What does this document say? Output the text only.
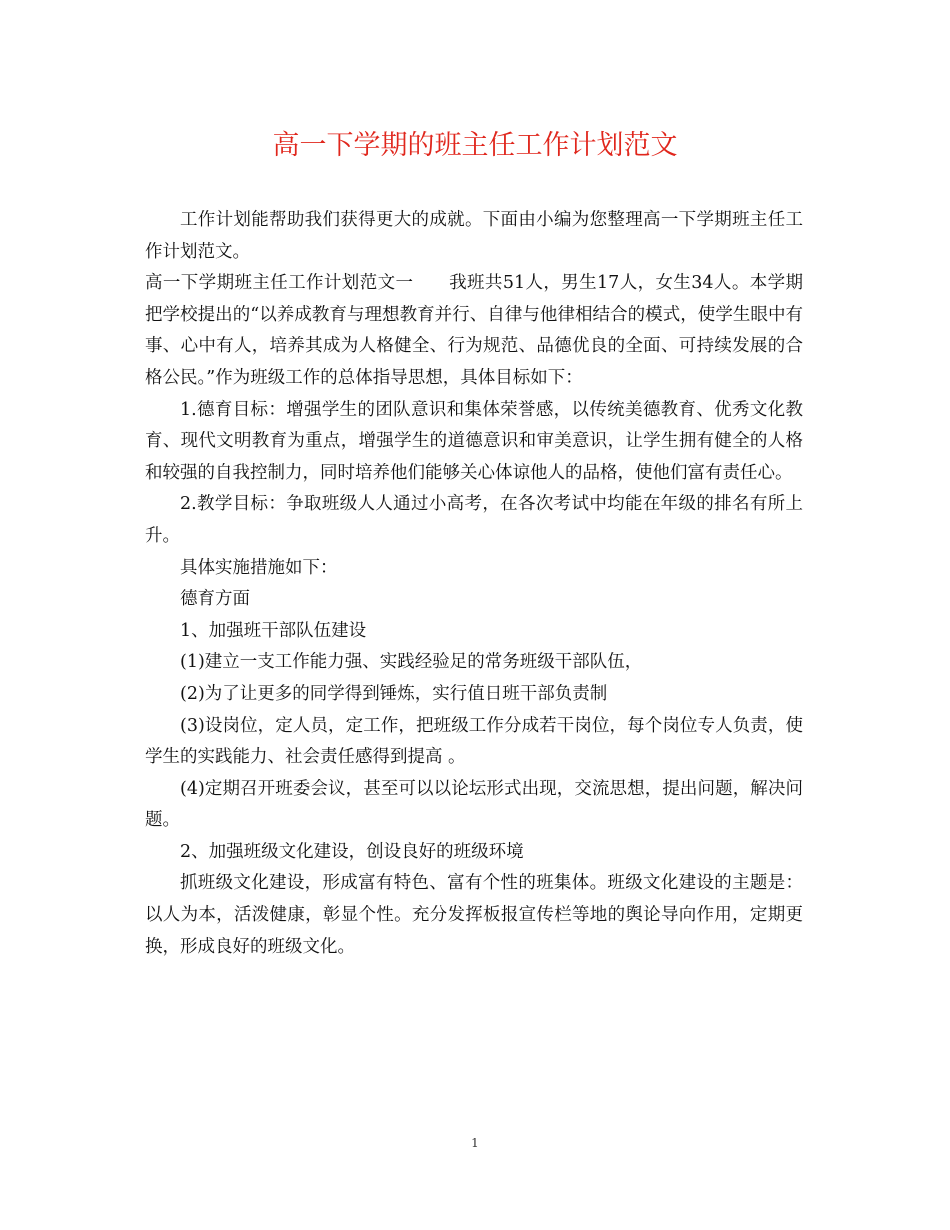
高一下学期的班主任工作计划范文

工作计划能帮助我们获得更大的成就。下面由小编为您整理高一下学期班主任工作计划范文。

高一下学期班主任工作计划范文一　　我班共51人，男生17人，女生34人。本学期把学校提出的“以养成教育与理想教育并行、自律与他律相结合的模式，使学生眼中有事、心中有人，培养其成为人格健全、行为规范、品德优良的全面、可持续发展的合格公民。”作为班级工作的总体指导思想，具体目标如下：

1.德育目标：增强学生的团队意识和集体荣誉感，以传统美德教育、优秀文化教育、现代文明教育为重点，增强学生的道德意识和审美意识，让学生拥有健全的人格和较强的自我控制力，同时培养他们能够关心体谅他人的品格，使他们富有责任心。

2.教学目标：争取班级人人通过小高考，在各次考试中均能在年级的排名有所上升。

具体实施措施如下：

德育方面

1、加强班干部队伍建设

(1)建立一支工作能力强、实践经验足的常务班级干部队伍，

(2)为了让更多的同学得到锤炼，实行值日班干部负责制

(3)设岗位，定人员，定工作，把班级工作分成若干岗位，每个岗位专人负责，使学生的实践能力、社会责任感得到提高 。

(4)定期召开班委会议，甚至可以以论坛形式出现，交流思想，提出问题，解决问题。

2、加强班级文化建设，创设良好的班级环境

抓班级文化建设，形成富有特色、富有个性的班集体。班级文化建设的主题是：以人为本，活泼健康，彰显个性。充分发挥板报宣传栏等地的舆论导向作用，定期更换，形成良好的班级文化。

1
